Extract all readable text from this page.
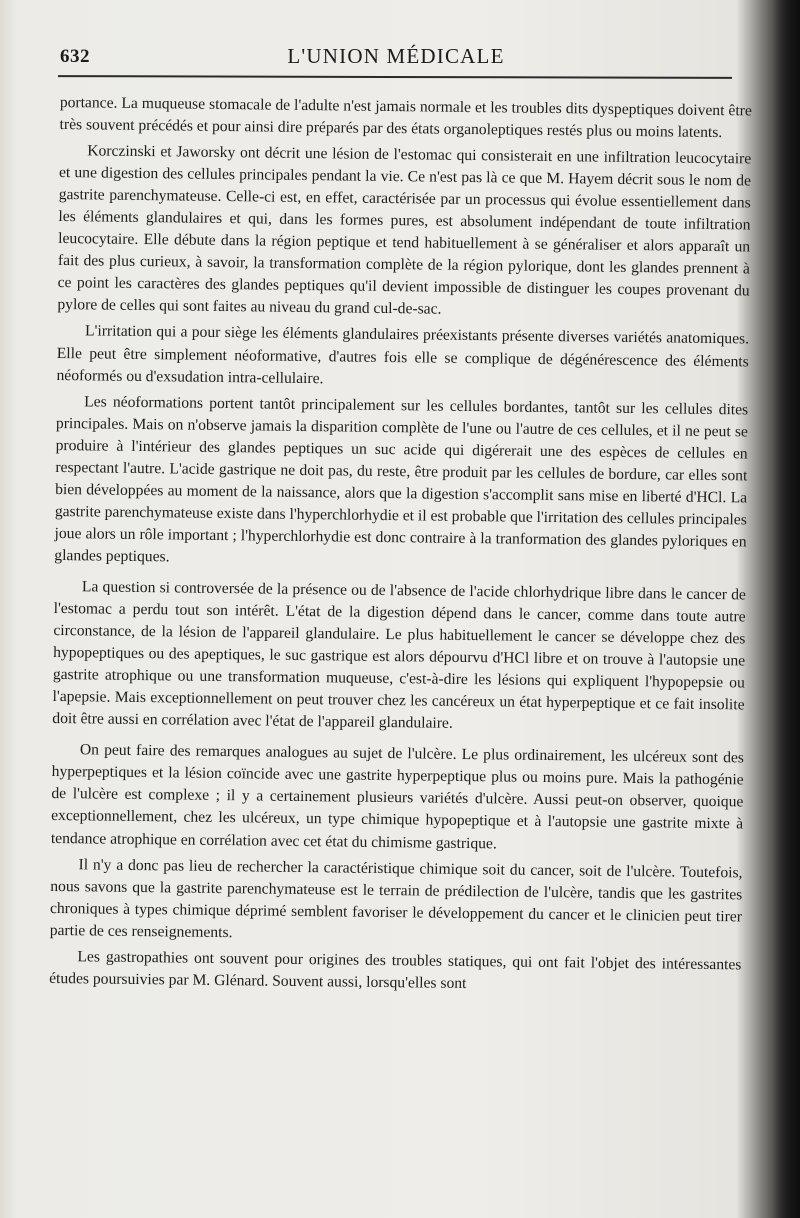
632	L'UNION MÉDICALE

portance. La muqueuse stomacale de l'adulte n'est jamais normale et les troubles dits dyspeptiques doivent être très souvent précédés et pour ainsi dire préparés par des états organoleptiques restés plus ou moins latents.

Korczinski et Jaworsky ont décrit une lésion de l'estomac qui consisterait en une infiltration leucocytaire et une digestion des cellules principales pendant la vie. Ce n'est pas là ce que M. Hayem décrit sous le nom de gastrite parenchymateuse. Celle-ci est, en effet, caractérisée par un processus qui évolue essentiellement dans les éléments glandulaires et qui, dans les formes pures, est absolument indépendant de toute infiltration leucocytaire. Elle débute dans la région peptique et tend habituellement à se généraliser et alors apparaît un fait des plus curieux, à savoir, la transformation complète de la région pylorique, dont les glandes prennent à ce point les caractères des glandes peptiques qu'il devient impossible de distinguer les coupes provenant du pylore de celles qui sont faites au niveau du grand cul-de-sac.

L'irritation qui a pour siège les éléments glandulaires préexistants présente diverses variétés anatomiques. Elle peut être simplement néoformative, d'autres fois elle se complique de dégénérescence des éléments néoformés ou d'exsudation intra-cellulaire.

Les néoformations portent tantôt principalement sur les cellules bordantes, tantôt sur les cellules dites principales. Mais on n'observe jamais la disparition complète de l'une ou l'autre de ces cellules, et il ne peut se produire à l'intérieur des glandes peptiques un suc acide qui digérerait une des espèces de cellules en respectant l'autre. L'acide gastrique ne doit pas, du reste, être produit par les cellules de bordure, car elles sont bien développées au moment de la naissance, alors que la digestion s'accomplit sans mise en liberté d'HCl. La gastrite parenchymateuse existe dans l'hyperchlorhydie et il est probable que l'irritation des cellules principales joue alors un rôle important ; l'hyperchlorhydie est donc contraire à la tranformation des glandes pyloriques en glandes peptiques.

La question si controversée de la présence ou de l'absence de l'acide chlorhydrique libre dans le cancer de l'estomac a perdu tout son intérêt. L'état de la digestion dépend dans le cancer, comme dans toute autre circonstance, de la lésion de l'appareil glandulaire. Le plus habituellement le cancer se développe chez des hypopeptiques ou des apeptiques, le suc gastrique est alors dépourvu d'HCl libre et on trouve à l'autopsie une gastrite atrophique ou une transformation muqueuse, c'est-à-dire les lésions qui expliquent l'hypopepsie ou l'apepsie. Mais exceptionnellement on peut trouver chez les cancéreux un état hyperpeptique et ce fait insolite doit être aussi en corrélation avec l'état de l'appareil glandulaire.

On peut faire des remarques analogues au sujet de l'ulcère. Le plus ordinairement, les ulcéreux sont des hyperpeptiques et la lésion coïncide avec une gastrite hyperpeptique plus ou moins pure. Mais la pathogénie de l'ulcère est complexe ; il y a certainement plusieurs variétés d'ulcère. Aussi peut-on observer, quoique exceptionnellement, chez les ulcéreux, un type chimique hypopeptique et à l'autopsie une gastrite mixte à tendance atrophique en corrélation avec cet état du chimisme gastrique.

Il n'y a donc pas lieu de rechercher la caractéristique chimique soit du cancer, soit de l'ulcère. Toutefois, nous savons que la gastrite parenchymateuse est le terrain de prédilection de l'ulcère, tandis que les gastrites chroniques à types chimique déprimé semblent favoriser le développement du cancer et le clinicien peut tirer partie de ces renseignements.

Les gastropathies ont souvent pour origines des troubles statiques, qui ont fait l'objet des intéressantes études poursuivies par M. Glénard. Souvent aussi, lorsqu'elles sont
